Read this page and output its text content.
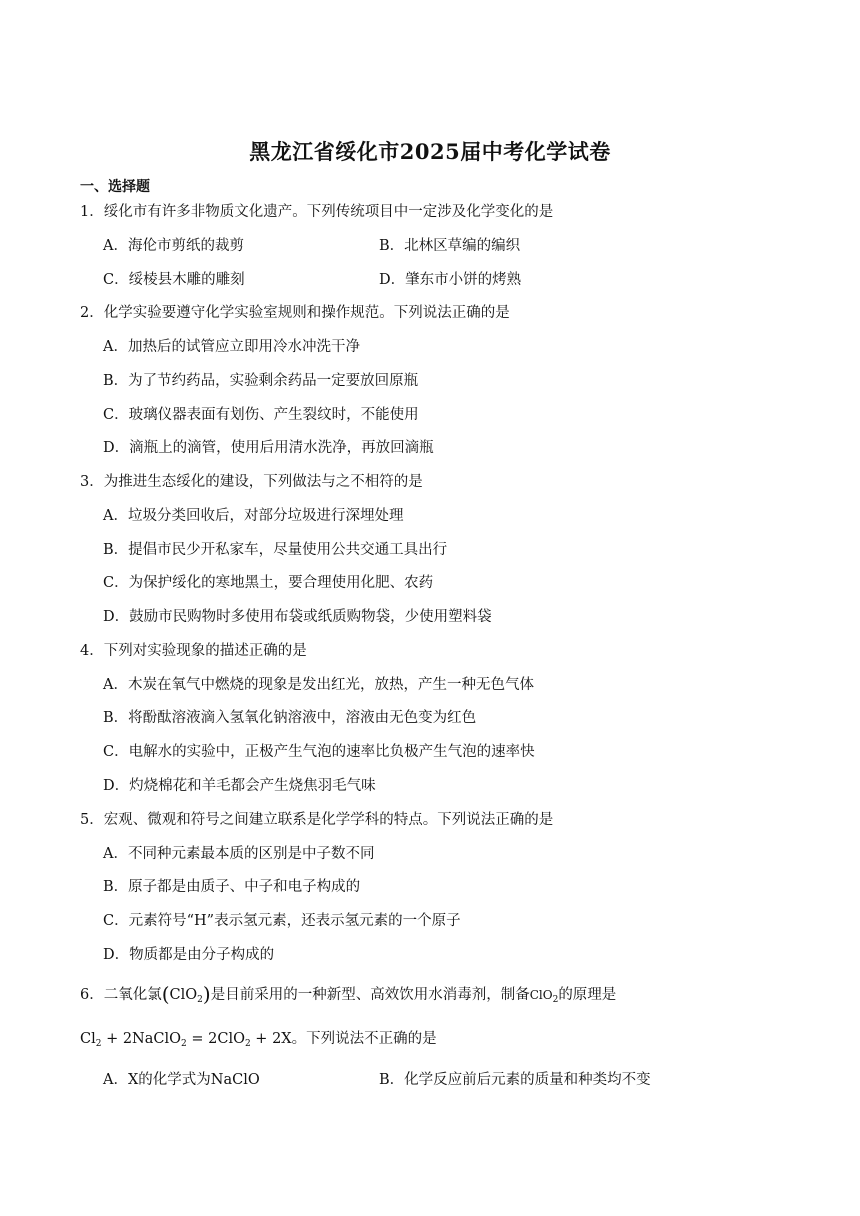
黑龙江省绥化市2025届中考化学试卷
一、选择题
1．绥化市有许多非物质文化遗产。下列传统项目中一定涉及化学变化的是
A．海伦市剪纸的裁剪	B．北林区草编的编织
C．绥棱县木雕的雕刻	D．肇东市小饼的烤熟
2．化学实验要遵守化学实验室规则和操作规范。下列说法正确的是
A．加热后的试管应立即用冷水冲洗干净
B．为了节约药品，实验剩余药品一定要放回原瓶
C．玻璃仪器表面有划伤、产生裂纹时，不能使用
D．滴瓶上的滴管，使用后用清水洗净，再放回滴瓶
3．为推进生态绥化的建设，下列做法与之不相符的是
A．垃圾分类回收后，对部分垃圾进行深埋处理
B．提倡市民少开私家车，尽量使用公共交通工具出行
C．为保护绥化的寒地黑土，要合理使用化肥、农药
D．鼓励市民购物时多使用布袋或纸质购物袋，少使用塑料袋
4．下列对实验现象的描述正确的是
A．木炭在氧气中燃烧的现象是发出红光，放热，产生一种无色气体
B．将酚酞溶液滴入氢氧化钠溶液中，溶液由无色变为红色
C．电解水的实验中，正极产生气泡的速率比负极产生气泡的速率快
D．灼烧棉花和羊毛都会产生烧焦羽毛气味
5．宏观、微观和符号之间建立联系是化学学科的特点。下列说法正确的是
A．不同种元素最本质的区别是中子数不同
B．原子都是由质子、中子和电子构成的
C．元素符号“H”表示氢元素，还表示氢元素的一个原子
D．物质都是由分子构成的
6．二氧化氯(ClO$_2$)是目前采用的一种新型、高效饮用水消毒剂，制备ClO$_2$的原理是
$Cl_2$ + 2NaClO$_2$ = 2ClO$_2$ + 2X。下列说法不正确的是
A．X的化学式为NaClO	B．化学反应前后元素的质量和种类均不变
